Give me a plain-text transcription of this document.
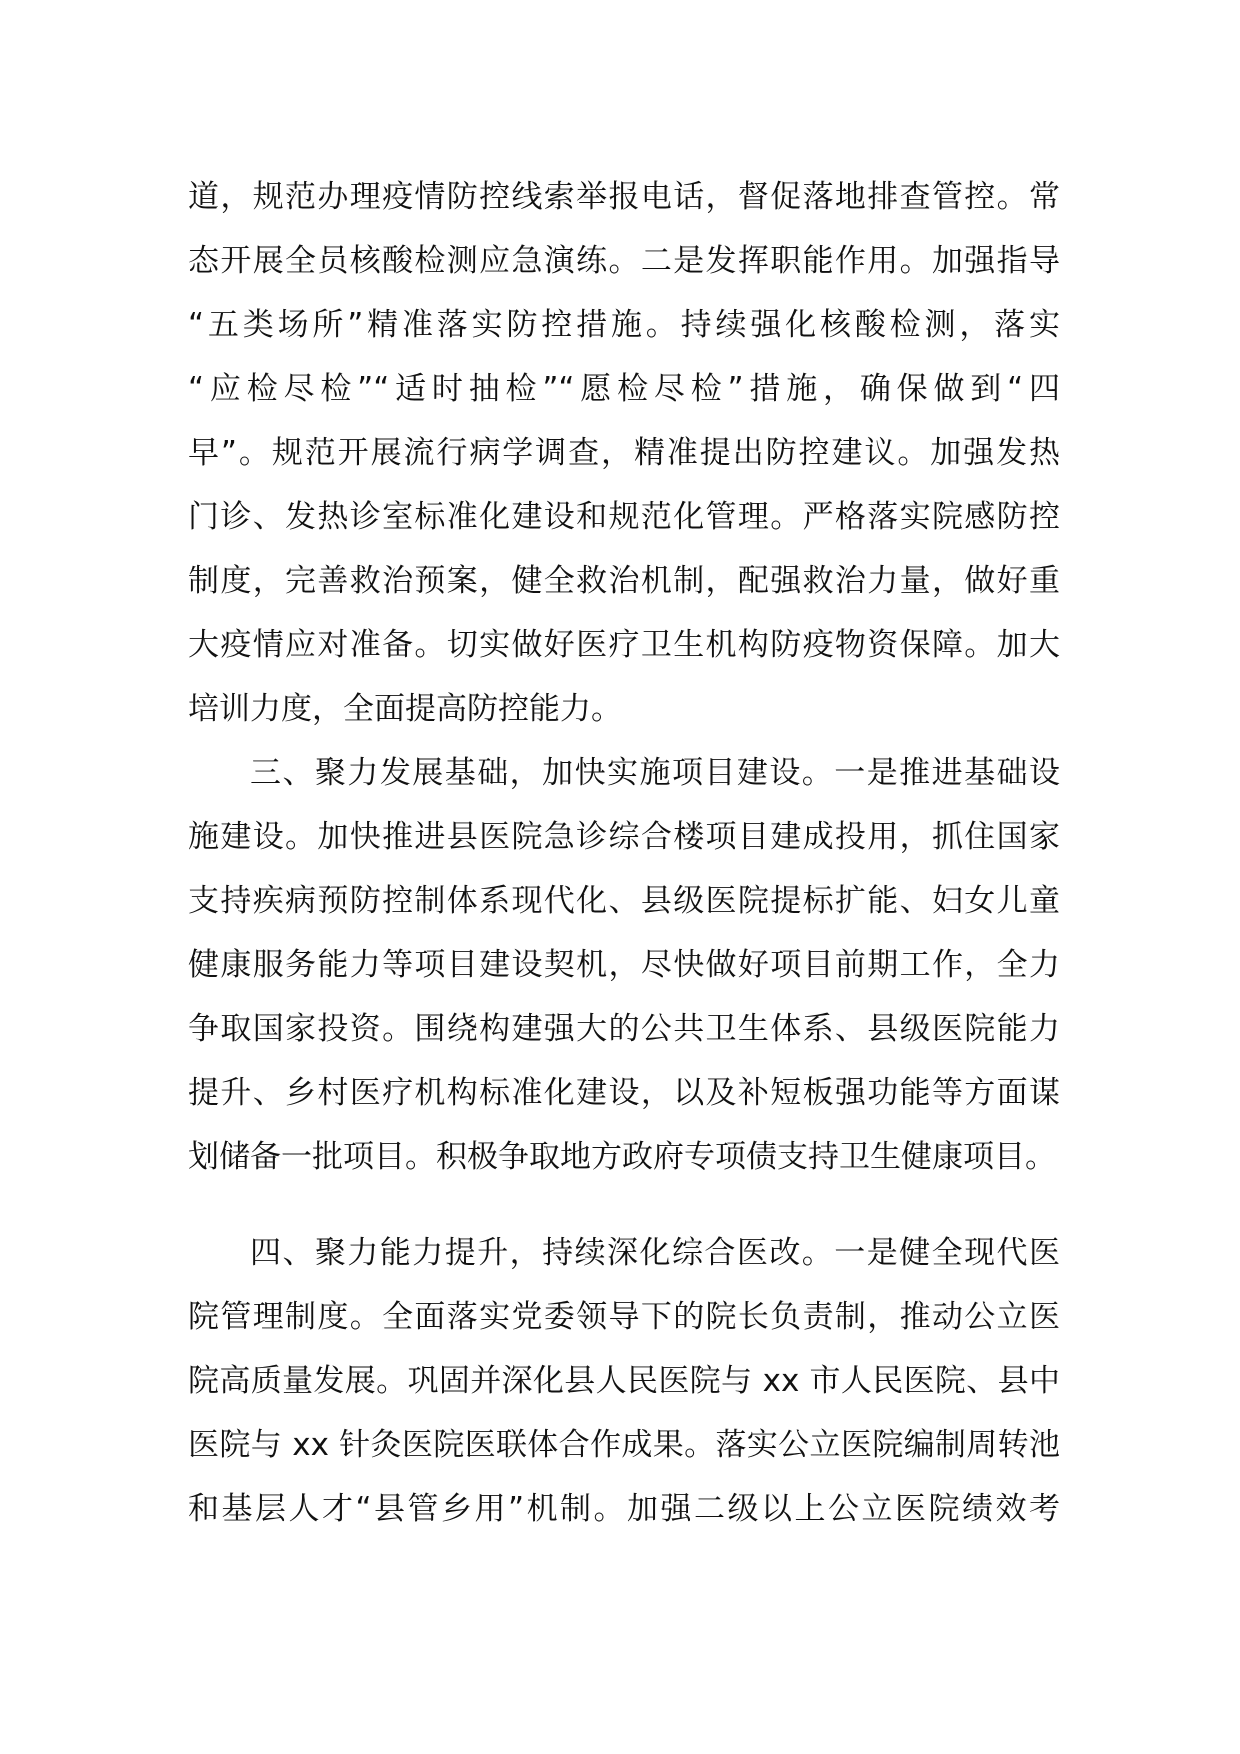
道，规范办理疫情防控线索举报电话，督促落地排查管控。常
态开展全员核酸检测应急演练。二是发挥职能作用。加强指导
“五类场所”精准落实防控措施。持续强化核酸检测，落实
“应检尽检”“适时抽检”“愿检尽检”措施，确保做到“四
早”。规范开展流行病学调查，精准提出防控建议。加强发热
门诊、发热诊室标准化建设和规范化管理。严格落实院感防控
制度，完善救治预案，健全救治机制，配强救治力量，做好重
大疫情应对准备。切实做好医疗卫生机构防疫物资保障。加大
培训力度，全面提高防控能力。
三、聚力发展基础，加快实施项目建设。一是推进基础设
施建设。加快推进县医院急诊综合楼项目建成投用，抓住国家
支持疾病预防控制体系现代化、县级医院提标扩能、妇女儿童
健康服务能力等项目建设契机，尽快做好项目前期工作，全力
争取国家投资。围绕构建强大的公共卫生体系、县级医院能力
提升、乡村医疗机构标准化建设，以及补短板强功能等方面谋
划储备一批项目。积极争取地方政府专项债支持卫生健康项目。
四、聚力能力提升，持续深化综合医改。一是健全现代医
院管理制度。全面落实党委领导下的院长负责制，推动公立医
院高质量发展。巩固并深化县人民医院与 xx 市人民医院、县中
医院与 xx 针灸医院医联体合作成果。落实公立医院编制周转池
和基层人才“县管乡用”机制。加强二级以上公立医院绩效考
